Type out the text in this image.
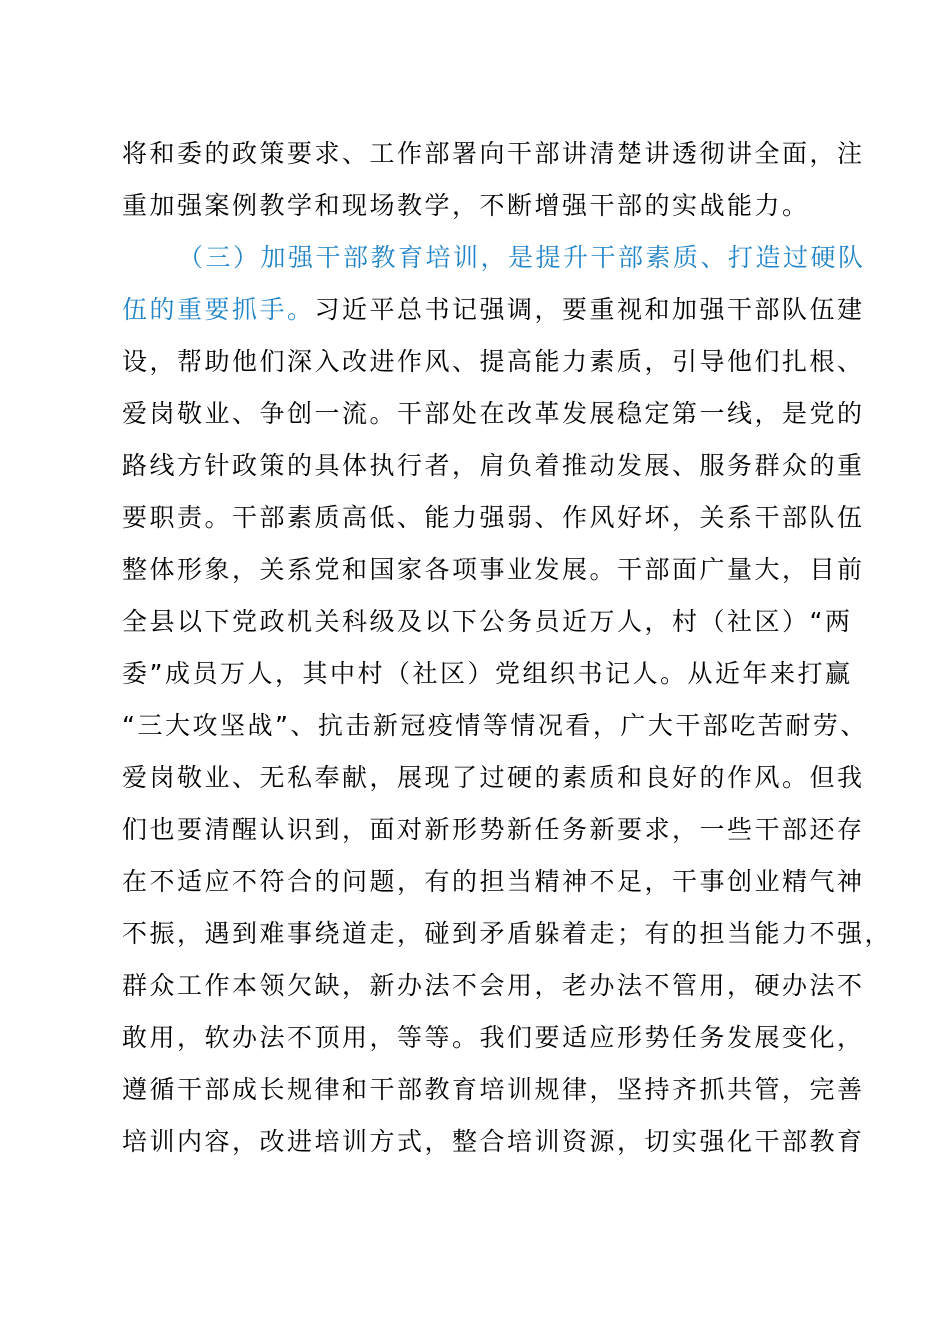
将和委的政策要求、工作部署向干部讲清楚讲透彻讲全面，注
重加强案例教学和现场教学，不断增强干部的实战能力。
（三）加强干部教育培训，是提升干部素质、打造过硬队
伍的重要抓手。习近平总书记强调，要重视和加强干部队伍建
设，帮助他们深入改进作风、提高能力素质，引导他们扎根、
爱岗敬业、争创一流。干部处在改革发展稳定第一线，是党的
路线方针政策的具体执行者，肩负着推动发展、服务群众的重
要职责。干部素质高低、能力强弱、作风好坏，关系干部队伍
整体形象，关系党和国家各项事业发展。干部面广量大，目前
全县以下党政机关科级及以下公务员近万人，村（社区）“两
委”成员万人，其中村（社区）党组织书记人。从近年来打赢
“三大攻坚战”、抗击新冠疫情等情况看，广大干部吃苦耐劳、
爱岗敬业、无私奉献，展现了过硬的素质和良好的作风。但我
们也要清醒认识到，面对新形势新任务新要求，一些干部还存
在不适应不符合的问题，有的担当精神不足，干事创业精气神
不振，遇到难事绕道走，碰到矛盾躲着走；有的担当能力不强，
群众工作本领欠缺，新办法不会用，老办法不管用，硬办法不
敢用，软办法不顶用，等等。我们要适应形势任务发展变化，
遵循干部成长规律和干部教育培训规律，坚持齐抓共管，完善
培训内容，改进培训方式，整合培训资源，切实强化干部教育
